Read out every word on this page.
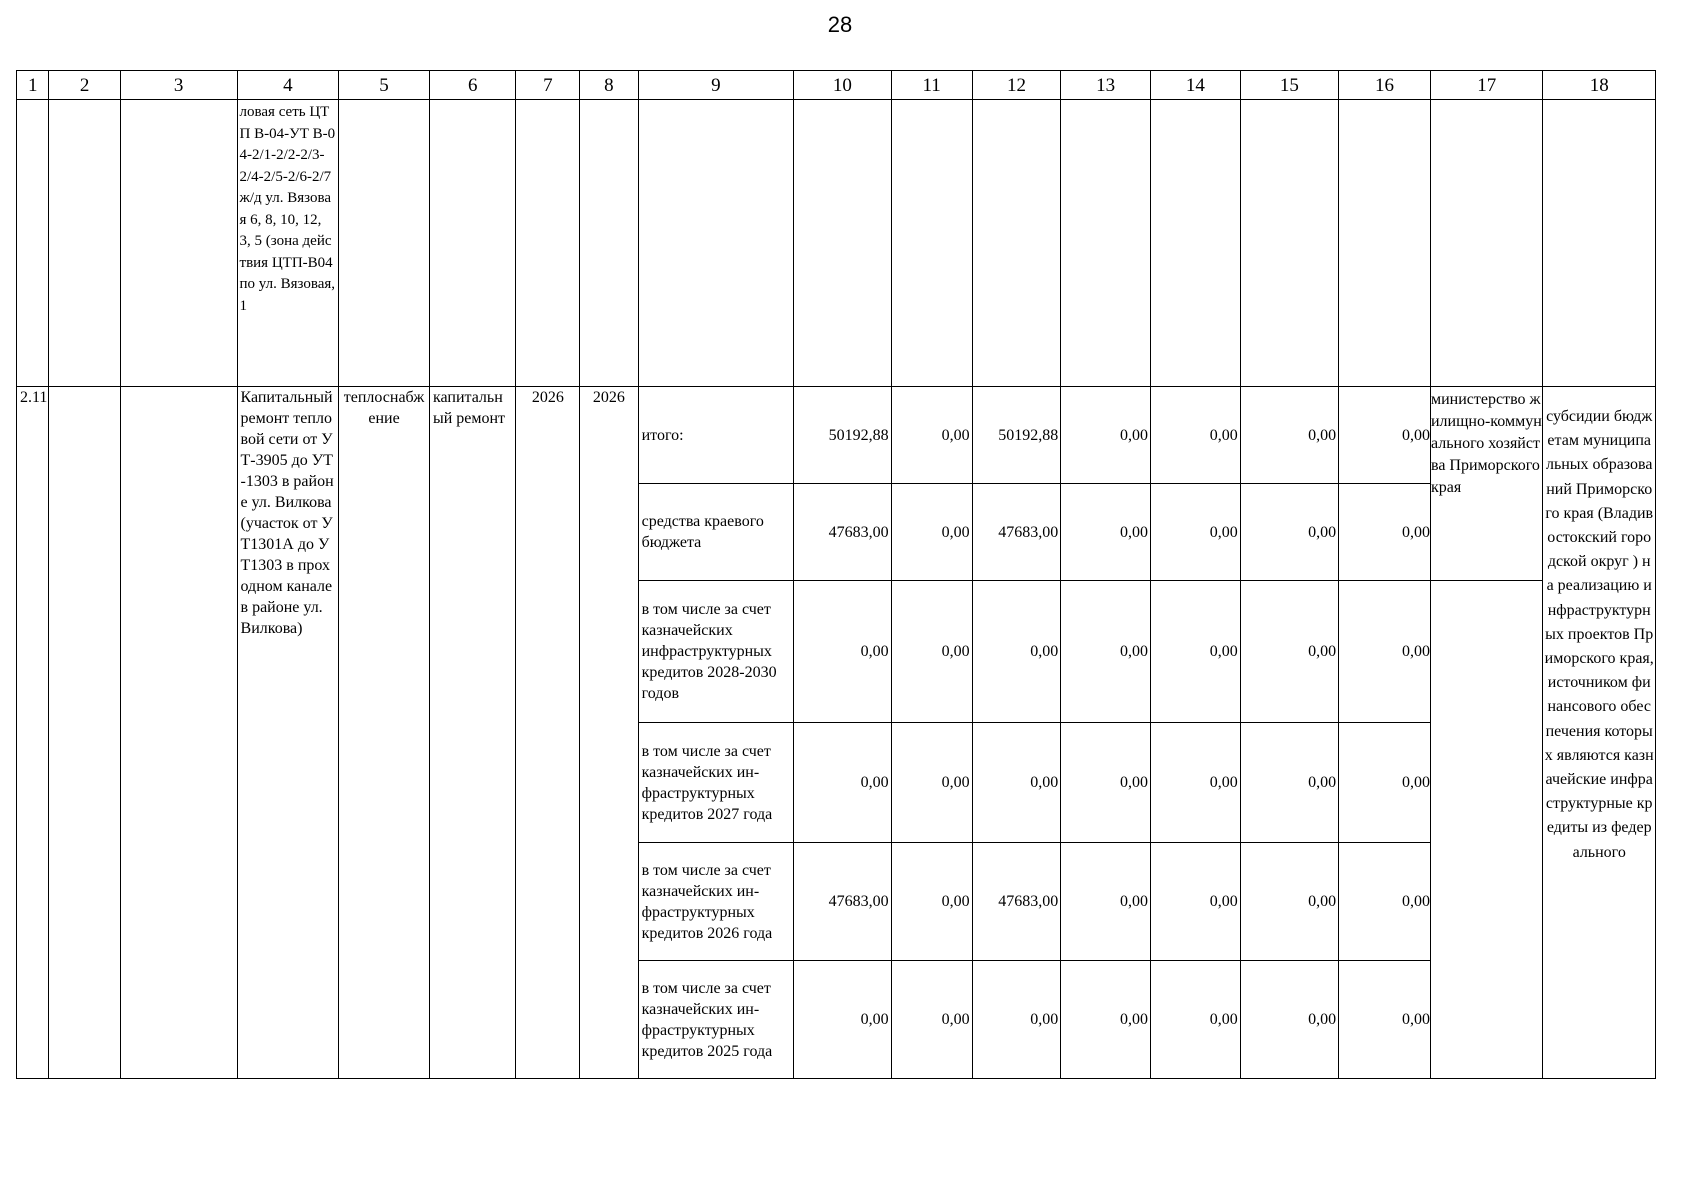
28
1	2	3	4	5	6	7	8	9	10	11	12	13	14	15	16	17	18
			ловая сеть ЦТП В-04-УТ В-04-2/1-2/2-2/3-2/4-2/5-2/6-2/7 ж/д ул. Вязовая 6, 8, 10, 12, 3, 5 (зона действия ЦТП-В04 по ул. Вязовая, 1														
2.11			Капитальный ремонт тепловой сети от УТ-3905 до УТ-1303 в районе ул. Вилкова (участок от УТ1301А до УТ1303 в проходном канале в районе ул. Вилкова)	теплоснабжение	капитальный ремонт	2026	2026	итого:	50192,88	0,00	50192,88	0,00	0,00	0,00	0,00	министерство жилищно-коммунального хозяйства Приморского края	субсидии бюджетам муниципальных образований Приморского края (Владивостокский городской округ ) на реализацию инфраструктурных проектов Приморского края, источником финансового обеспечения которых являются казначейские инфраструктурные кредиты из федерального
								средства краевого бюджета	47683,00	0,00	47683,00	0,00	0,00	0,00	0,00		
								в том числе за счет казначейских инфраструктурных кредитов 2028-2030 годов	0,00	0,00	0,00	0,00	0,00	0,00	0,00		
								в том числе за счет казначейских ин-фраструктурных кредитов 2027 года	0,00	0,00	0,00	0,00	0,00	0,00	0,00		
								в том числе за счет казначейских ин-фраструктурных кредитов 2026 года	47683,00	0,00	47683,00	0,00	0,00	0,00	0,00		
								в том числе за счет казначейских ин-фраструктурных кредитов 2025 года	0,00	0,00	0,00	0,00	0,00	0,00	0,00		
